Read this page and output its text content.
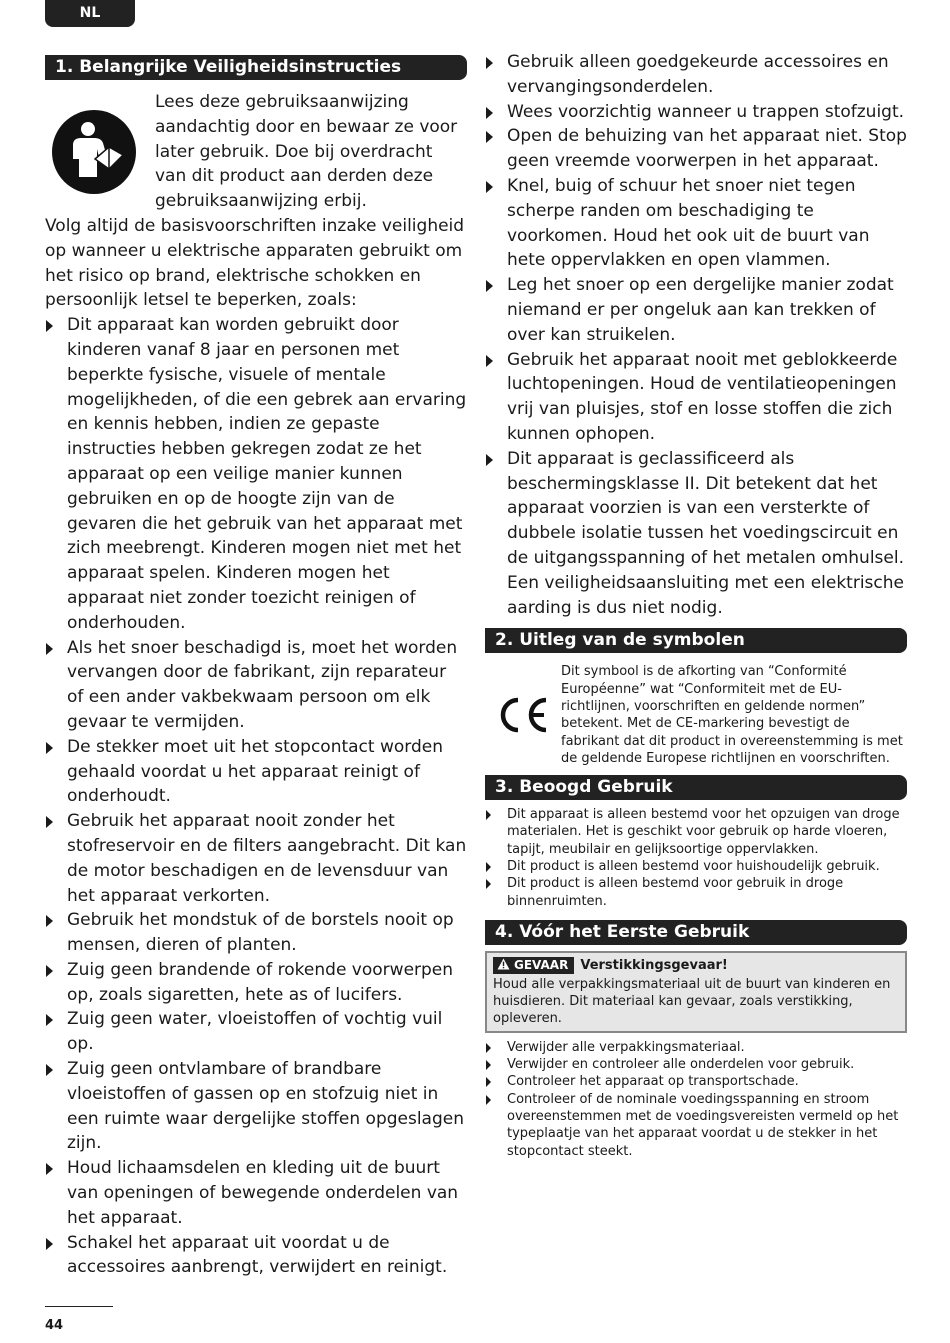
NL
1. Belangrijke Veiligheidsinstructies
Lees deze gebruiksaanwijzing aandachtig door en bewaar ze voor later gebruik. Doe bij overdracht van dit product aan derden deze gebruiksaanwijzing erbij.
Volg altijd de basisvoorschriften inzake veiligheid op wanneer u elektrische apparaten gebruikt om het risico op brand, elektrische schokken en persoonlijk letsel te beperken, zoals:
Dit apparaat kan worden gebruikt door kinderen vanaf 8 jaar en personen met beperkte fysische, visuele of mentale mogelijkheden, of die een gebrek aan ervaring en kennis hebben, indien ze gepaste instructies hebben gekregen zodat ze het apparaat op een veilige manier kunnen gebruiken en op de hoogte zijn van de gevaren die het gebruik van het apparaat met zich meebrengt. Kinderen mogen niet met het apparaat spelen. Kinderen mogen het apparaat niet zonder toezicht reinigen of onderhouden.
Als het snoer beschadigd is, moet het worden vervangen door de fabrikant, zijn reparateur of een ander vakbekwaam persoon om elk gevaar te vermijden.
De stekker moet uit het stopcontact worden gehaald voordat u het apparaat reinigt of onderhoudt.
Gebruik het apparaat nooit zonder het stofreservoir en de filters aangebracht. Dit kan de motor beschadigen en de levensduur van het apparaat verkorten.
Gebruik het mondstuk of de borstels nooit op mensen, dieren of planten.
Zuig geen brandende of rokende voorwerpen op, zoals sigaretten, hete as of lucifers.
Zuig geen water, vloeistoffen of vochtig vuil op.
Zuig geen ontvlambare of brandbare vloeistoffen of gassen op en stofzuig niet in een ruimte waar dergelijke stoffen opgeslagen zijn.
Houd lichaamsdelen en kleding uit de buurt van openingen of bewegende onderdelen van het apparaat.
Schakel het apparaat uit voordat u de accessoires aanbrengt, verwijdert en reinigt.
Gebruik alleen goedgekeurde accessoires en vervangingsonderdelen.
Wees voorzichtig wanneer u trappen stofzuigt.
Open de behuizing van het apparaat niet. Stop geen vreemde voorwerpen in het apparaat.
Knel, buig of schuur het snoer niet tegen scherpe randen om beschadiging te voorkomen. Houd het ook uit de buurt van hete oppervlakken en open vlammen.
Leg het snoer op een dergelijke manier zodat niemand er per ongeluk aan kan trekken of over kan struikelen.
Gebruik het apparaat nooit met geblokkeerde luchtopeningen. Houd de ventilatieopeningen vrij van pluisjes, stof en losse stoffen die zich kunnen ophopen.
Dit apparaat is geclassificeerd als beschermingsklasse II. Dit betekent dat het apparaat voorzien is van een versterkte of dubbele isolatie tussen het voedingscircuit en de uitgangsspanning of het metalen omhulsel. Een veiligheidsaansluiting met een elektrische aarding is dus niet nodig.
2. Uitleg van de symbolen
Dit symbool is de afkorting van “Conformité Européenne” wat “Conformiteit met de EU-richtlijnen, voorschriften en geldende normen” betekent. Met de CE-markering bevestigt de fabrikant dat dit product in overeenstemming is met de geldende Europese richtlijnen en voorschriften.
3. Beoogd Gebruik
Dit apparaat is alleen bestemd voor het opzuigen van droge materialen. Het is geschikt voor gebruik op harde vloeren, tapijt, meubilair en gelijksoortige oppervlakken.
Dit product is alleen bestemd voor huishoudelijk gebruik.
Dit product is alleen bestemd voor gebruik in droge binnenruimten.
4. Vóór het Eerste Gebruik
GEVAAR Verstikkingsgevaar!
Houd alle verpakkingsmateriaal uit de buurt van kinderen en huisdieren. Dit materiaal kan gevaar, zoals verstikking, opleveren.
Verwijder alle verpakkingsmateriaal.
Verwijder en controleer alle onderdelen voor gebruik.
Controleer het apparaat op transportschade.
Controleer of de nominale voedingsspanning en stroom overeenstemmen met de voedingsvereisten vermeld op het typeplaatje van het apparaat voordat u de stekker in het stopcontact steekt.
44
